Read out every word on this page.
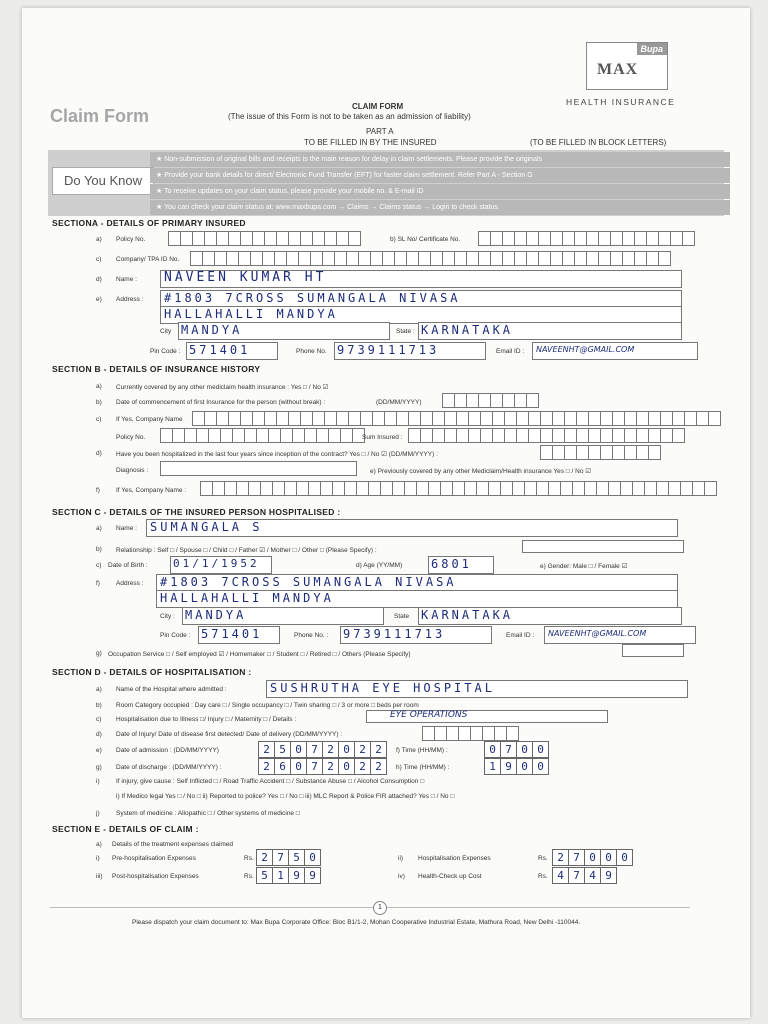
Bupa
MAX
HEALTH INSURANCE
Claim Form	CLAIM FORM
(The issue of this Form is not to be taken as an admission of liability)
PART A
TO BE FILLED IN BY THE INSURED	(TO BE FILLED IN BLOCK LETTERS)
Do You Know
★ Non-submission of original bills and receipts is the main reason for delay in claim settlements. Please provide the originals
★ Provide your bank details for direct/ Electronic Fund Transfer (EFT) for faster claim settlement. Refer Part A - Section G
★ To receive updates on your claim status, please provide your mobile no. & E-mail ID
★ You can check your claim status at: www.maxbupa.com → Claims → Claims status → Login to check status
SECTIONA - DETAILS OF PRIMARY INSURED
a) Policy No.	b) SL No/ Certificate No.
c) Company/ TPA ID No.
d) Name : NAVEEN KUMAR HT
e) Address : #1803 7CROSS SUMANGALA NIVASA
HALLAHALLI MANDYA
City MANDYA	State : KARNATAKA
Pin Code : 571401	Phone No. 9739111713	Email ID : NAVEENHT@GMAIL.COM
SECTION B - DETAILS OF INSURANCE HISTORY
a) Currently covered by any other mediclaim health insurance : Yes □ / No ☑
b) Date of commencement of first Insurance for the person (without break) :	(DD/MM/YYYY)
c) If Yes, Company Name
Policy No.	Sum Insured :
d) Have you been hospitalized in the last four years since inception of the contract? Yes □ / No ☑ (DD/MM/YYYY) :
Diagnosis :	e) Previously covered by any other Mediclaim/Health insurance Yes □ / No ☑
f) If Yes, Company Name :
SECTION C - DETAILS OF THE INSURED PERSON HOSPITALISED :
a) Name : SUMANGALA S
b) Relationship : Self □ / Spouse □ / Child □ / Father ☑ / Mother □ / Other □ (Please Specify) :
c) Date of Birth : 01/1/1952	d) Age (YY/MM) 6801	e) Gender: Male □ / Female ☑
f) Address : #1803 7CROSS SUMANGALA NIVASA
HALLAHALLI MANDYA
City : MANDYA	State KARNATAKA
Pin Code : 571401	Phone No. : 9739111713	Email ID : NAVEENHT@GMAIL.COM
g) Occupation Service □ / Self employed ☑ / Homemaker □ / Student □ / Retired □ / Others (Please Specify)
SECTION D - DETAILS OF HOSPITALISATION :
a) Name of the Hospital where admitted :	SUSHRUTHA EYE HOSPITAL
b) Room Category occupied : Day care □ / Single occupancy □ / Twin sharing □ / 3 or more □ beds per room
c) Hospitalisation due to Illness □/ Injury □ / Maternity □ / Details :	EYE OPERATIONS
d) Date of Injury/ Date of disease first detected/ Date of delivery (DD/MM/YYYY) :
e) Date of admission : (DD/MM/YYYY)	2 5 0 7 2 0 2 2	f) Time (HH/MM) :	0 7 0 0
g) Date of discharge : (DD/MM/YYYY) :	2 6 0 7 2 0 2 2	h) Time (HH/MM) :	1 9 0 0
i)	If injury, give cause : Self Inflicted □ / Road Traffic Accident □ / Substance Abuse □ / Alcohol Consumption □
i) If Medico legal Yes □ / No □ ii) Reported to police? Yes □ / No □ iii) MLC Report & Police FIR attached? Yes □ / No □
j)	System of medicine : Allopathic □ / Other systems of medicine □
SECTION E - DETAILS OF CLAIM :
a) Details of the treatment expenses claimed
i) Pre-hospitalisation Expenses	Rs. 2 7 5 0	ii) Hospitalisation Expenses	Rs. 2 7 0 0 0
iii) Post-hospitalisation Expenses	Rs. 5 1 9 9	iv) Health-Check up Cost	Rs. 4 7 4 9
1
Please dispatch your claim document to: Max Bupa Corporate Office: Bloc B1/1-2, Mohan Cooperative Industrial Estate, Mathura Road, New Delhi -110044.
